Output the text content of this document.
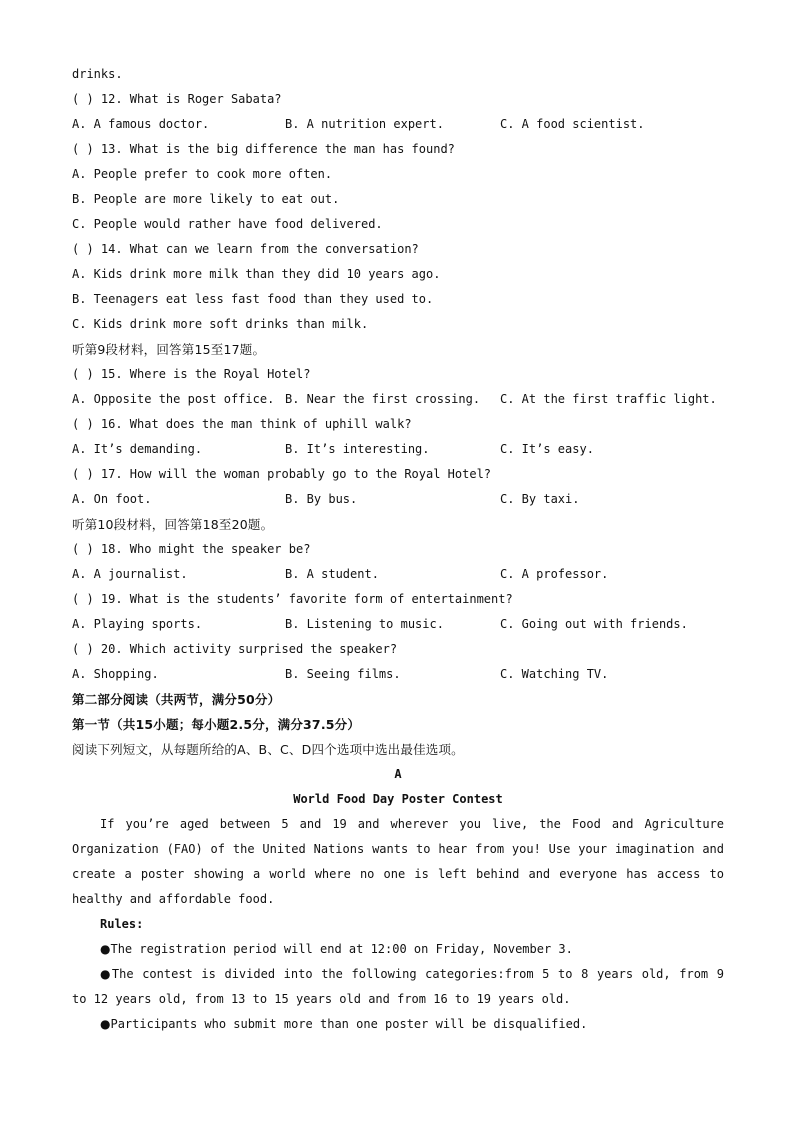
drinks.
( ) 12. What is Roger Sabata?
A. A famous doctor.	B. A nutrition expert.	C. A food scientist.
( ) 13. What is the big difference the man has found?
A. People prefer to cook more often.
B. People are more likely to eat out.
C. People would rather have food delivered.
( ) 14. What can we learn from the conversation?
A. Kids drink more milk than they did 10 years ago.
B. Teenagers eat less fast food than they used to.
C. Kids drink more soft drinks than milk.
听第9段材料，回答第15至17题。
( ) 15. Where is the Royal Hotel?
A. Opposite the post office. B. Near the first crossing.	C. At the first traffic light.
( ) 16. What does the man think of uphill walk?
A. It’s demanding.	B. It’s interesting.	C. It’s easy.
( ) 17. How will the woman probably go to the Royal Hotel?
A. On foot.	B. By bus.	C. By taxi.
听第10段材料，回答第18至20题。
( ) 18. Who might the speaker be?
A. A journalist.	B. A student.	C. A professor.
( ) 19. What is the students’ favorite form of entertainment?
A. Playing sports.	B. Listening to music.	C. Going out with friends.
( ) 20. Which activity surprised the speaker?
A. Shopping.	B. Seeing films.	C. Watching TV.
第二部分阅读（共两节，满分50分）
第一节（共15小题；每小题2.5分，满分37.5分）
阅读下列短文，从每题所给的A、B、C、D四个选项中选出最佳选项。
A
World Food Day Poster Contest
If you’re aged between 5 and 19 and wherever you live, the Food and Agriculture Organization (FAO) of the United Nations wants to hear from you! Use your imagination and create a poster showing a world where no one is left behind and everyone has access to healthy and affordable food.
Rules:
●The registration period will end at 12:00 on Friday, November 3.
●The contest is divided into the following categories:from 5 to 8 years old, from 9 to 12 years old, from 13 to 15 years old and from 16 to 19 years old.
●Participants who submit more than one poster will be disqualified.
